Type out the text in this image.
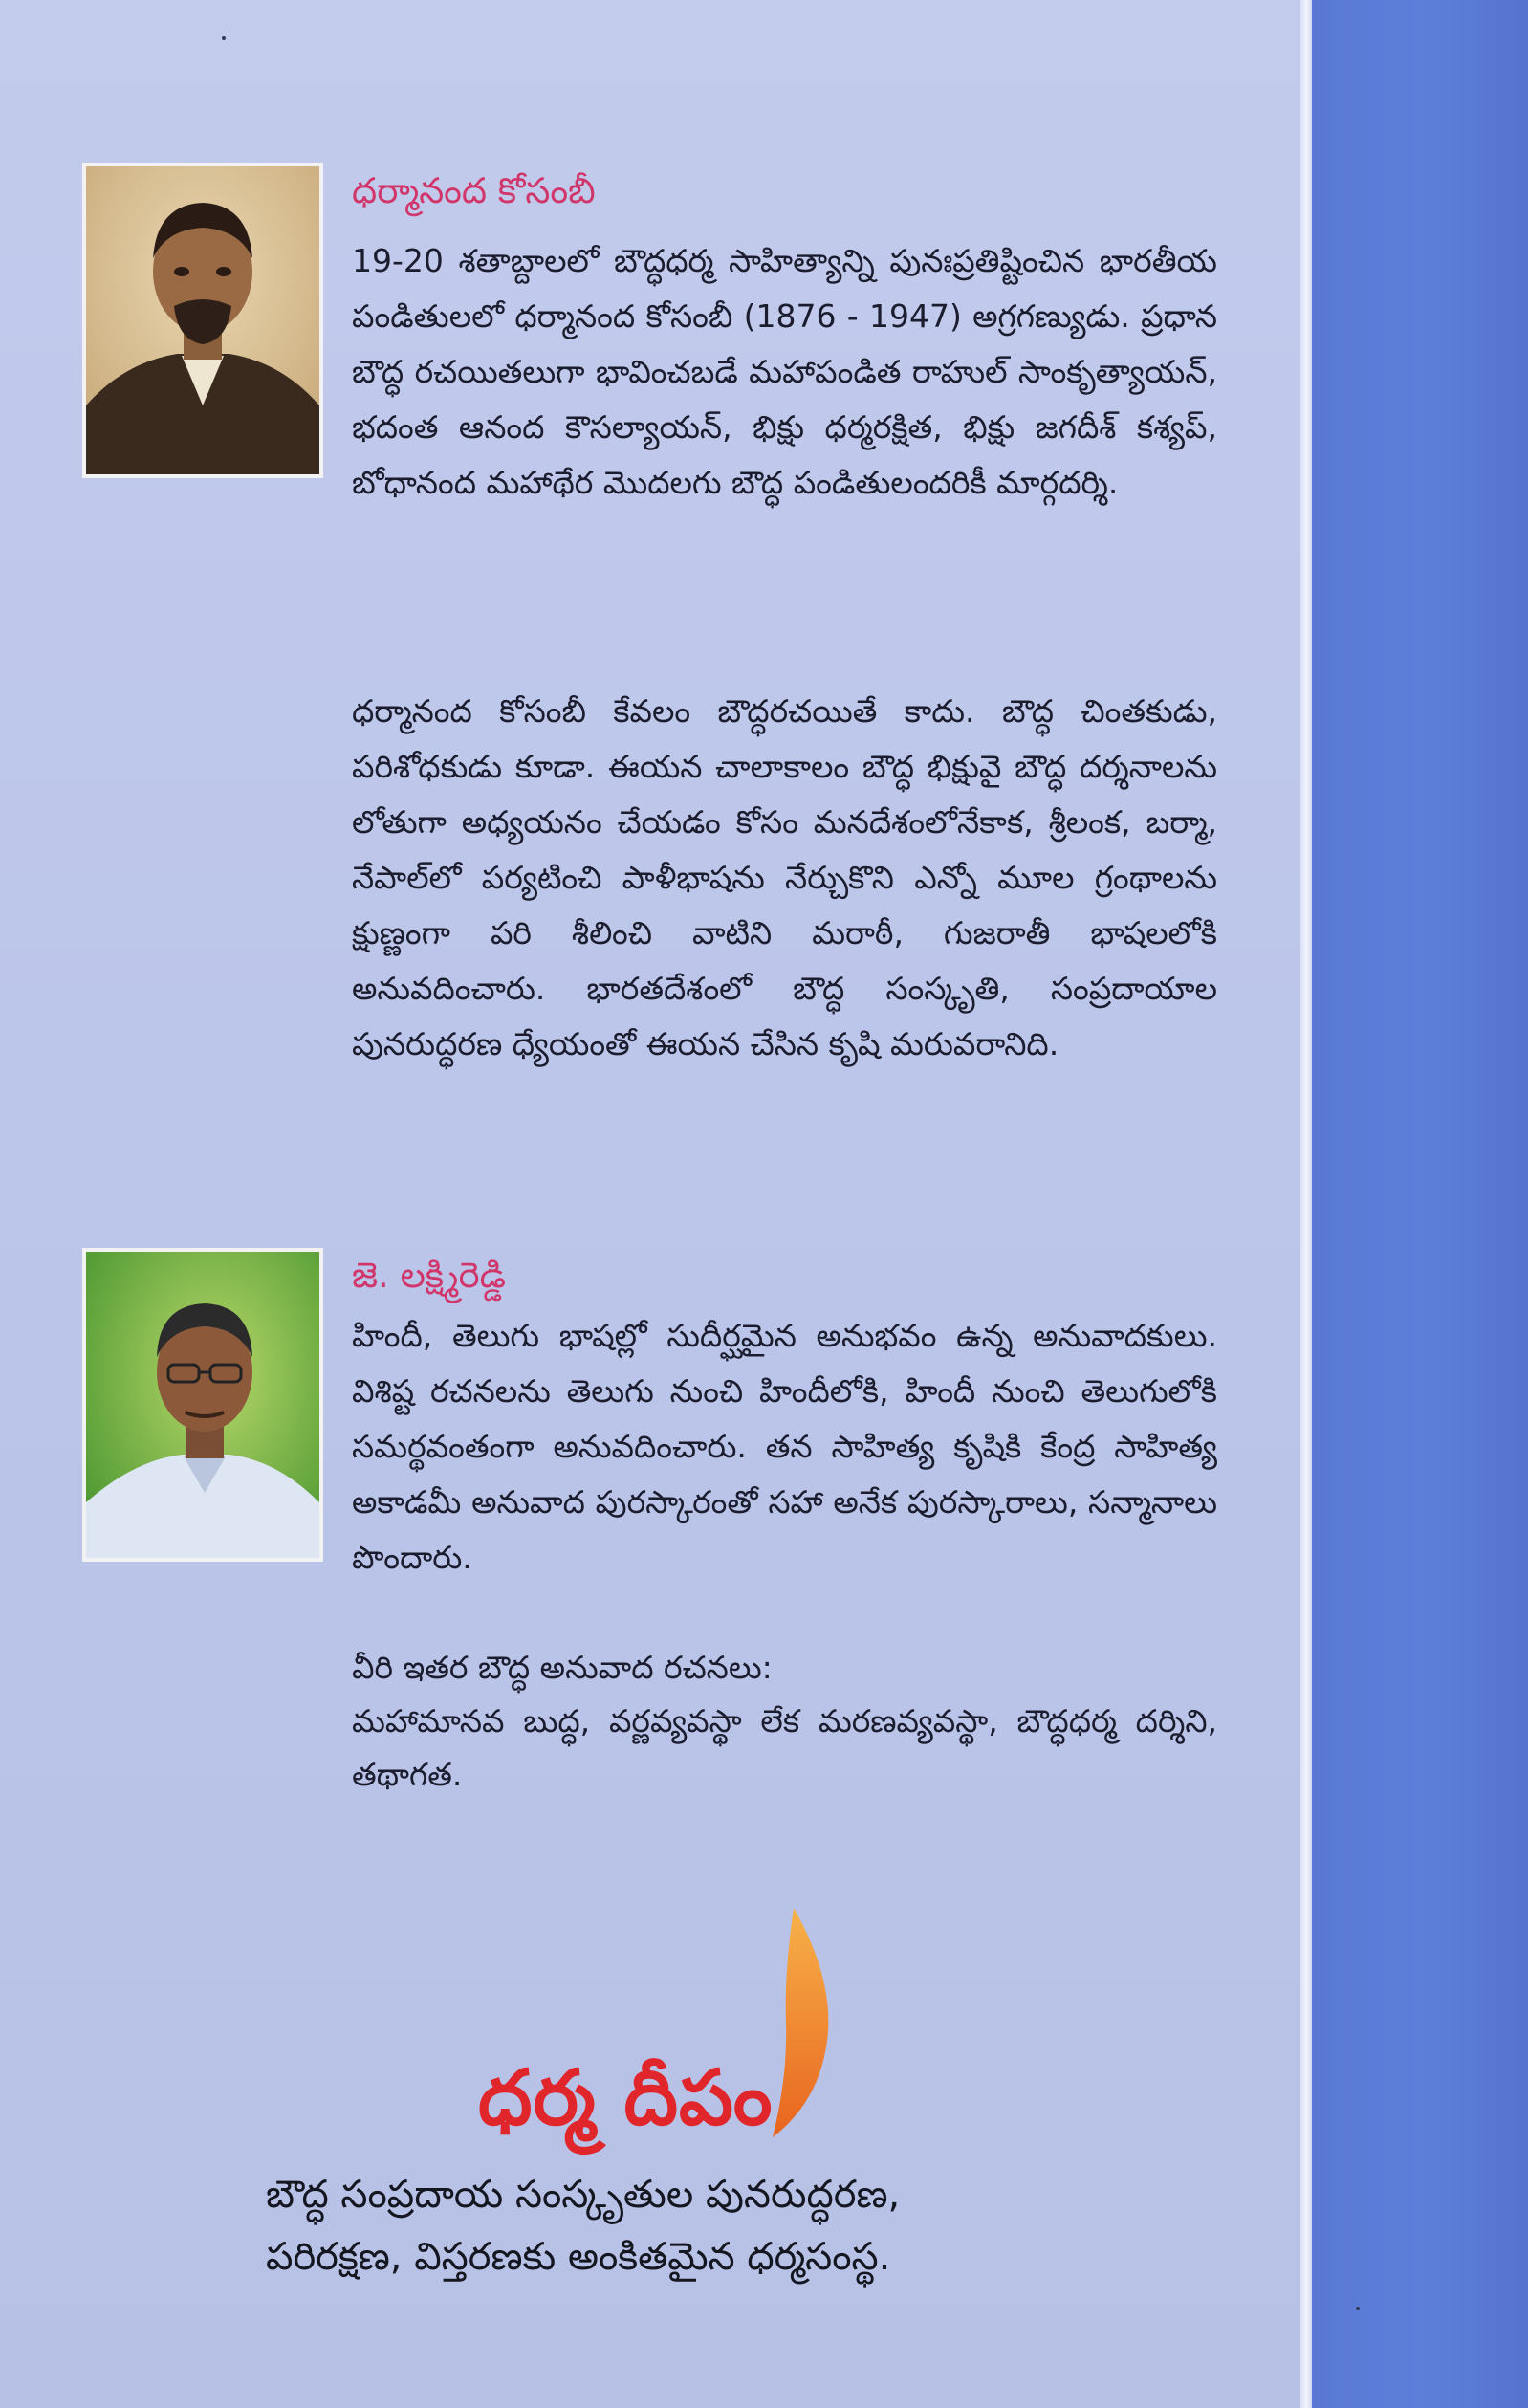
ధర్మానంద కోసంబీ

19-20 శతాబ్దాలలో బౌద్ధధర్మ సాహిత్యాన్ని పునఃప్రతిష్టించిన భారతీయ పండితులలో ధర్మానంద కోసంబీ (1876 - 1947) అగ్రగణ్యుడు. ప్రధాన బౌద్ధ రచయితలుగా భావించబడే మహాపండిత రాహుల్ సాంకృత్యాయన్, భదంత ఆనంద కౌసల్యాయన్, భిక్షు ధర్మరక్షిత, భిక్షు జగదీశ్ కశ్యప్, బోధానంద మహాథేర మొదలగు బౌద్ధ పండితులందరికీ మార్గదర్శి.

ధర్మానంద కోసంబీ కేవలం బౌద్ధరచయితే కాదు. బౌద్ధ చింతకుడు, పరిశోధకుడు కూడా. ఈయన చాలాకాలం బౌద్ధ భిక్షువై బౌద్ధ దర్శనాలను లోతుగా అధ్యయనం చేయడం కోసం మనదేశంలోనేకాక, శ్రీలంక, బర్మా, నేపాల్‌లో పర్యటించి పాళీభాషను నేర్చుకొని ఎన్నో మూల గ్రంథాలను క్షుణ్ణంగా పరి శీలించి వాటిని మరాఠీ, గుజరాతీ భాషలలోకి అనువదించారు. భారతదేశంలో బౌద్ధ సంస్కృతి, సంప్రదాయాల పునరుద్ధరణ ధ్యేయంతో ఈయన చేసిన కృషి మరువరానిది.

జె. లక్ష్మిరెడ్డి

హిందీ, తెలుగు భాషల్లో సుదీర్ఘమైన అనుభవం ఉన్న అనువాదకులు. విశిష్ట రచనలను తెలుగు నుంచి హిందీలోకి, హిందీ నుంచి తెలుగులోకి సమర్థవంతంగా అనువదించారు. తన సాహిత్య కృషికి కేంద్ర సాహిత్య అకాడమీ అనువాద పురస్కారంతో సహా అనేక పురస్కారాలు, సన్మానాలు పొందారు.

వీరి ఇతర బౌద్ధ అనువాద రచనలు:
మహామానవ బుద్ధ, వర్ణవ్యవస్థా లేక మరణవ్యవస్థా, బౌద్ధధర్మ దర్శిని, తథాగత.

ధర్మ దీపం

బౌద్ధ సంప్రదాయ సంస్కృతుల పునరుద్ధరణ,

పరిరక్షణ, విస్తరణకు అంకితమైన ధర్మసంస్థ.
